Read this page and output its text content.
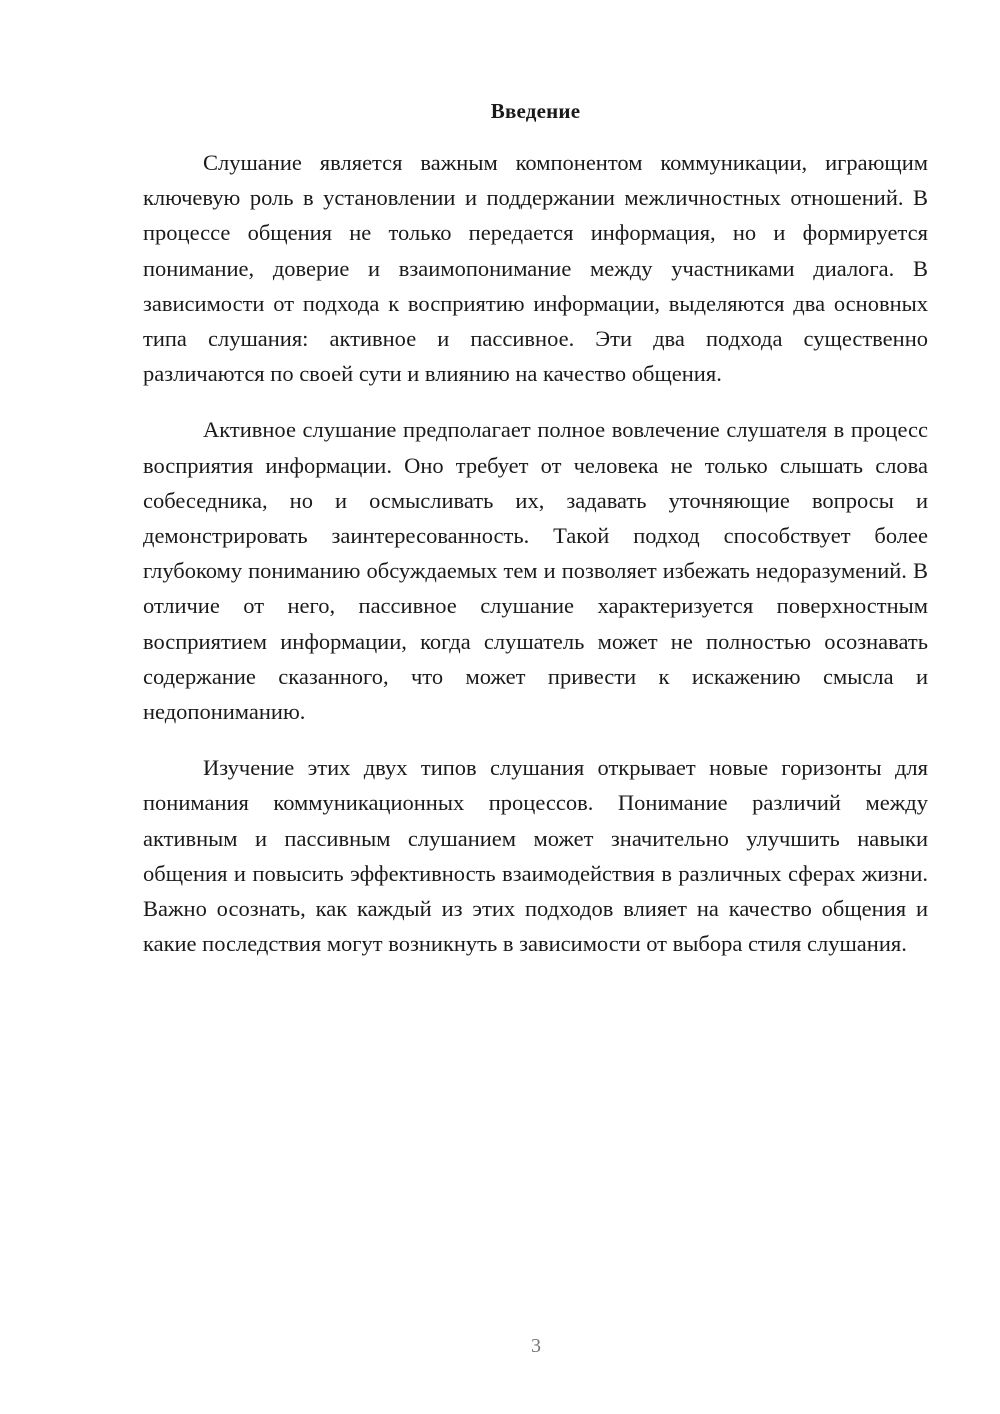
Введение

Слушание является важным компонентом коммуникации, играющим ключевую роль в установлении и поддержании межличностных отношений. В процессе общения не только передается информация, но и формируется понимание, доверие и взаимопонимание между участниками диалога. В зависимости от подхода к восприятию информации, выделяются два основных типа слушания: активное и пассивное. Эти два подхода существенно различаются по своей сути и влиянию на качество общения.

Активное слушание предполагает полное вовлечение слушателя в процесс восприятия информации. Оно требует от человека не только слышать слова собеседника, но и осмысливать их, задавать уточняющие вопросы и демонстрировать заинтересованность. Такой подход способствует более глубокому пониманию обсуждаемых тем и позволяет избежать недоразумений. В отличие от него, пассивное слушание характеризуется поверхностным восприятием информации, когда слушатель может не полностью осознавать содержание сказанного, что может привести к искажению смысла и недопониманию.

Изучение этих двух типов слушания открывает новые горизонты для понимания коммуникационных процессов. Понимание различий между активным и пассивным слушанием может значительно улучшить навыки общения и повысить эффективность взаимодействия в различных сферах жизни. Важно осознать, как каждый из этих подходов влияет на качество общения и какие последствия могут возникнуть в зависимости от выбора стиля слушания.

3
